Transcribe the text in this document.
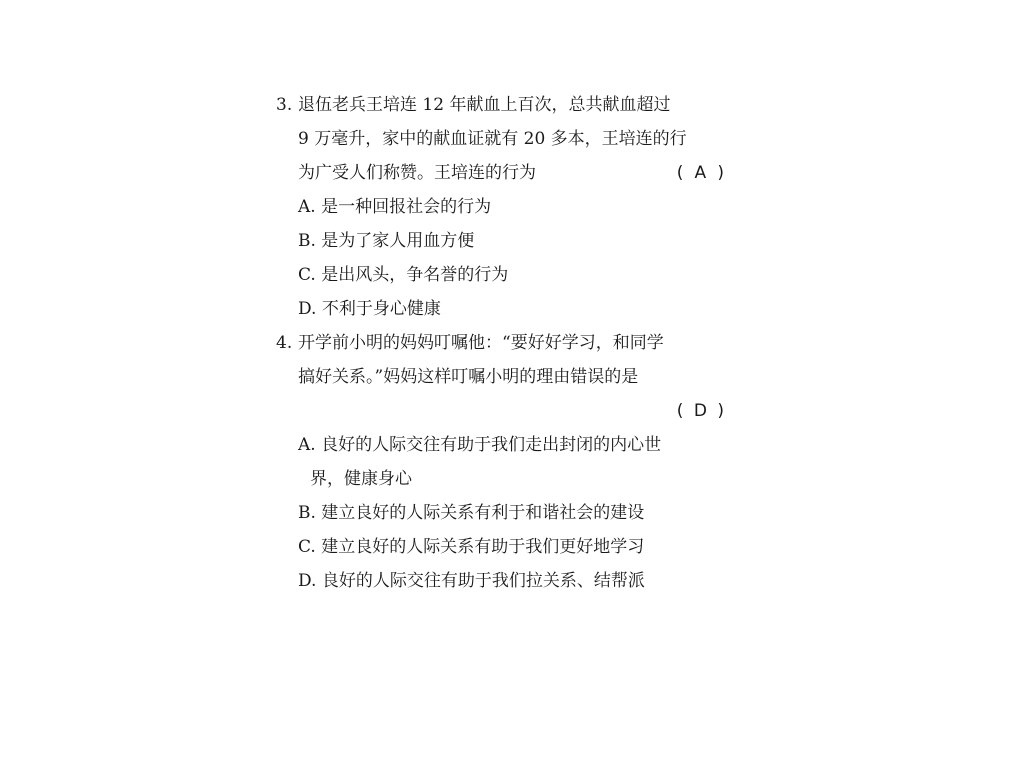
3. 退伍老兵王培连 12 年献血上百次，总共献血超过
9 万毫升，家中的献血证就有 20 多本，王培连的行
为广受人们称赞。王培连的行为	( A )
A. 是一种回报社会的行为
B. 是为了家人用血方便
C. 是出风头，争名誉的行为
D. 不利于身心健康
4. 开学前小明的妈妈叮嘱他：“要好好学习，和同学
搞好关系。”妈妈这样叮嘱小明的理由错误的是
( D )
A. 良好的人际交往有助于我们走出封闭的内心世
界，健康身心
B. 建立良好的人际关系有利于和谐社会的建设
C. 建立良好的人际关系有助于我们更好地学习
D. 良好的人际交往有助于我们拉关系、结帮派
